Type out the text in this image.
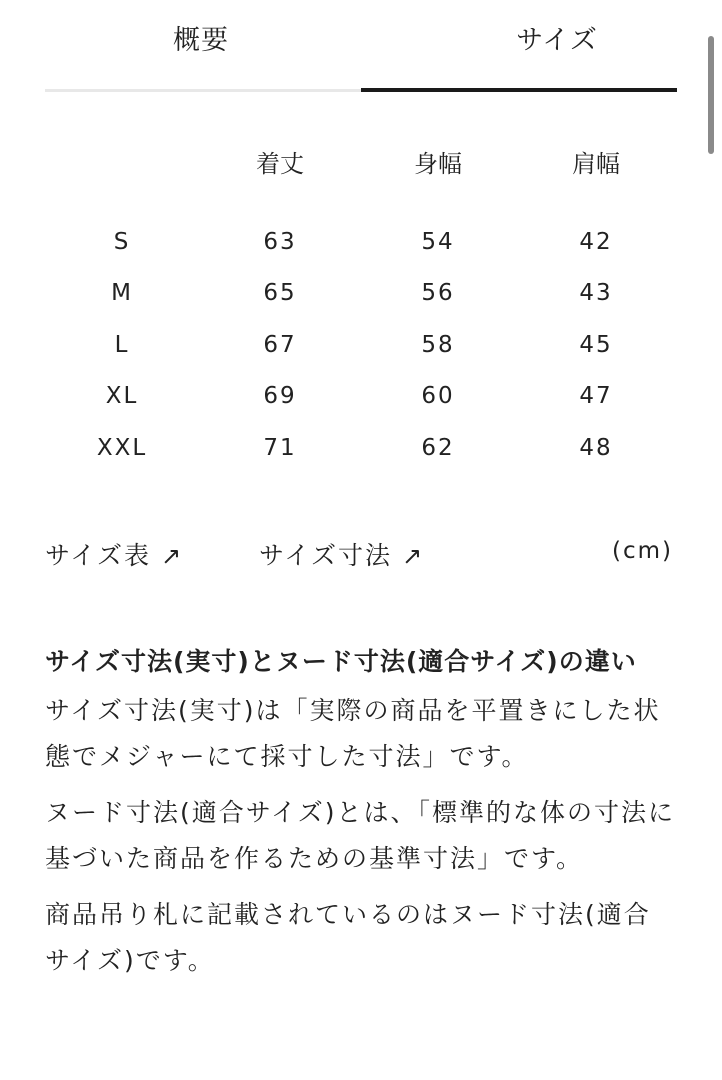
概要	サイズ
	着丈	身幅	肩幅

S	63	54	42
M	65	56	43
L	67	58	45
XL	69	60	47
XXL	71	62	48
サイズ表 ↗	サイズ寸法 ↗	(cm)
サイズ寸法(実寸)とヌード寸法(適合サイズ)の違い

サイズ寸法(実寸)は「実際の商品を平置きにした状態でメジャーにて採寸した寸法」です。

ヌード寸法(適合サイズ)とは、「標準的な体の寸法に基づいた商品を作るための基準寸法」です。

商品吊り札に記載されているのはヌード寸法(適合サイズ)です。
